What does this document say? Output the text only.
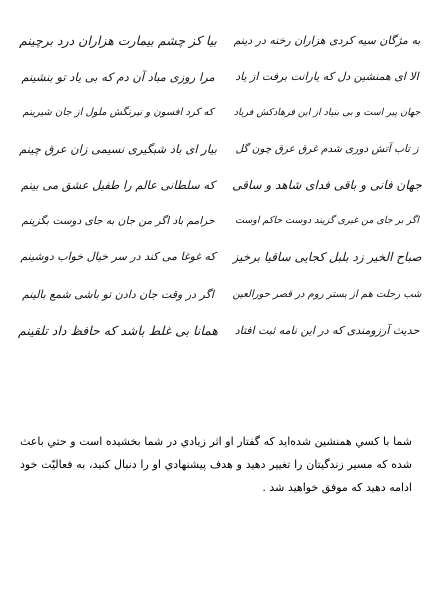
به مژگان سیه کردی هزاران رخنه در دینم
بیا کز چشم بیمارت هزاران درد برچینم
الا ای همنشین دل که یارانت برفت از یاد
مرا روزی مباد آن دم که بی یاد تو بنشینم
جهان پیر است و بی بنیاد از این فرهادکش فریاد
که کرد افسون و نیرنگش ملول از جان شیرینم
ز تاب آتش دوری شدم غرق عرق چون گل
بیار ای باد شبگیری نسیمی زان عرق چینم
جهان فانی و باقی فدای شاهد و ساقی
که سلطانی عالم را طفیل عشق می بینم
اگر بر جای من غیری گزیند دوست حاکم اوست
حرامم باد اگر من جان به جای دوست بگزینم
صباح الخیر زد بلبل کجایی ساقیا برخیز
که غوغا می کند در سر خیال خواب دوشینم
شب رحلت هم از بستر روم در قصر حورالعین
اگر در وقت جان دادن تو باشی شمع بالینم
حدیث آرزومندی که در این نامه ثبت افتاد
همانا بی غلط باشد که حافظ داد تلقینم
شما با كسي همنشين شده‌ايد كه گفتار او اثر زيادي در شما بخشيده است و حتي باعث شده كه مسير زندگيتان را تغيير دهيد و هدف پيشنهادي او را دنبال كنيد، به فعاليّت خود ادامه دهيد كه موفق خواهيد شد .
